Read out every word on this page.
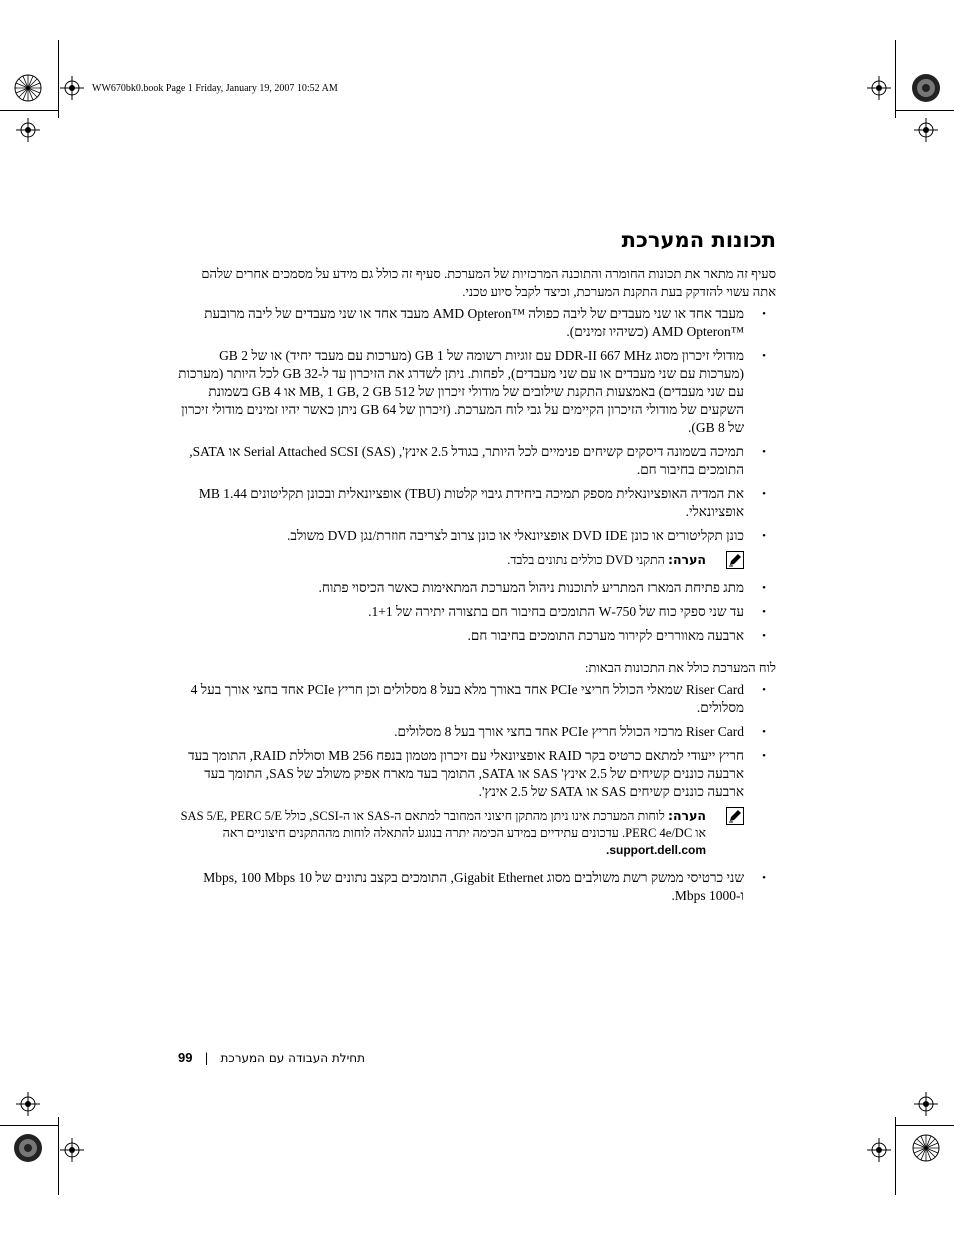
WW670bk0.book Page 1 Friday, January 19, 2007 10:52 AM
תכונות המערכת

סעיף זה מתאר את תכונות החומרה והתוכנה המרכזיות של המערכת. סעיף זה כולל גם מידע על מסמכים אחרים שלהם אתה עשוי להזדקק בעת התקנת המערכת, וכיצד לקבל סיוע טכני.

•
מעבד אחד או שני מעבדים של ליבה כפולה ™AMD Opteron מעבד אחד או שני מעבדים של ליבה מרובעת ™AMD Opteron (כשיהיו זמינים).
•
מודולי זיכרון מסוג DDR-II 667 MHz עם זוגיות רשומה של 1 GB (מערכות עם מעבד יחיד) או של 2 GB (מערכות עם שני מעבדים או עם שני מעבדים), לפחות. ניתן לשדרג את הזיכרון עד ל-32 GB לכל היותר (מערכות עם שני מעבדים) באמצעות התקנת שילובים של מודולי זיכרון של 512 MB, 1 GB, 2 GB או 4 GB בשמונת השקעים של מודולי הזיכרון הקיימים על גבי לוח המערכת. (זיכרון של 64 GB ניתן כאשר יהיו זמינים מודולי זיכרון של 8 GB).
•
תמיכה בשמונה דיסקים קשיחים פנימיים לכל היותר, בגודל 2.5 אינץ', Serial Attached SCSI (SAS) או SATA, התומכים בחיבור חם.
•
את המדיה האופציונאלית מספק תמיכה ביחידת גיבוי קלטות (TBU) אופציונאלית ובכונן תקליטונים 1.44 MB אופציונאלי.
•
כונן תקליטורים או כונן DVD IDE אופציונאלי או כונן צרוב לצריבה חוזרת/נגן DVD משולב.
הערה: התקני DVD כוללים נתונים בלבד.
•
מתג פתיחת המארז המתריע לתוכנות ניהול המערכת המתאימות כאשר הכיסוי פתוח.
•
עד שני ספקי כוח של 750-W התומכים בחיבור חם בתצורה יתירה של 1+1.
•
ארבעה מאווררים לקירור מערכת התומכים בחיבור חם.

לוח המערכת כולל את התכונות הבאות:

•
Riser Card שמאלי הכולל חריצי PCIe אחד באורך מלא בעל 8 מסלולים וכן חריץ PCIe אחד בחצי אורך בעל 4 מסלולים.
•
Riser Card מרכזי הכולל חריץ PCIe אחד בחצי אורך בעל 8 מסלולים.
•
חריץ ייעודי למתאם כרטיס בקר RAID אופציונאלי עם זיכרון מטמון בנפח 256 MB וסוללת RAID, התומך בעד ארבעה כוננים קשיחים של 2.5 אינץ' SAS או SATA, התומך בעד מארח אפיק משולב של SAS, התומך בעד ארבעה כוננים קשיחים SAS או SATA של 2.5 אינץ'.
הערה: לוחות המערכת אינו ניתן מהתקן חיצוני המחובר למתאם ה-SAS או ה-SCSI, כולל SAS 5/E, PERC 5/E או PERC 4e/DC. עדכונים עתידיים במידע הכימה יתרה בנוגע להתאלה לוחות מההתקנים חיצוניים ראה support.dell.com.
•
שני כרטיסי ממשק רשת משולבים מסוג Gigabit Ethernet, התומכים בקצב נתונים של 10 Mbps, 100 Mbps ו-1000 Mbps.
99 | תחילת העבודה עם המערכת
